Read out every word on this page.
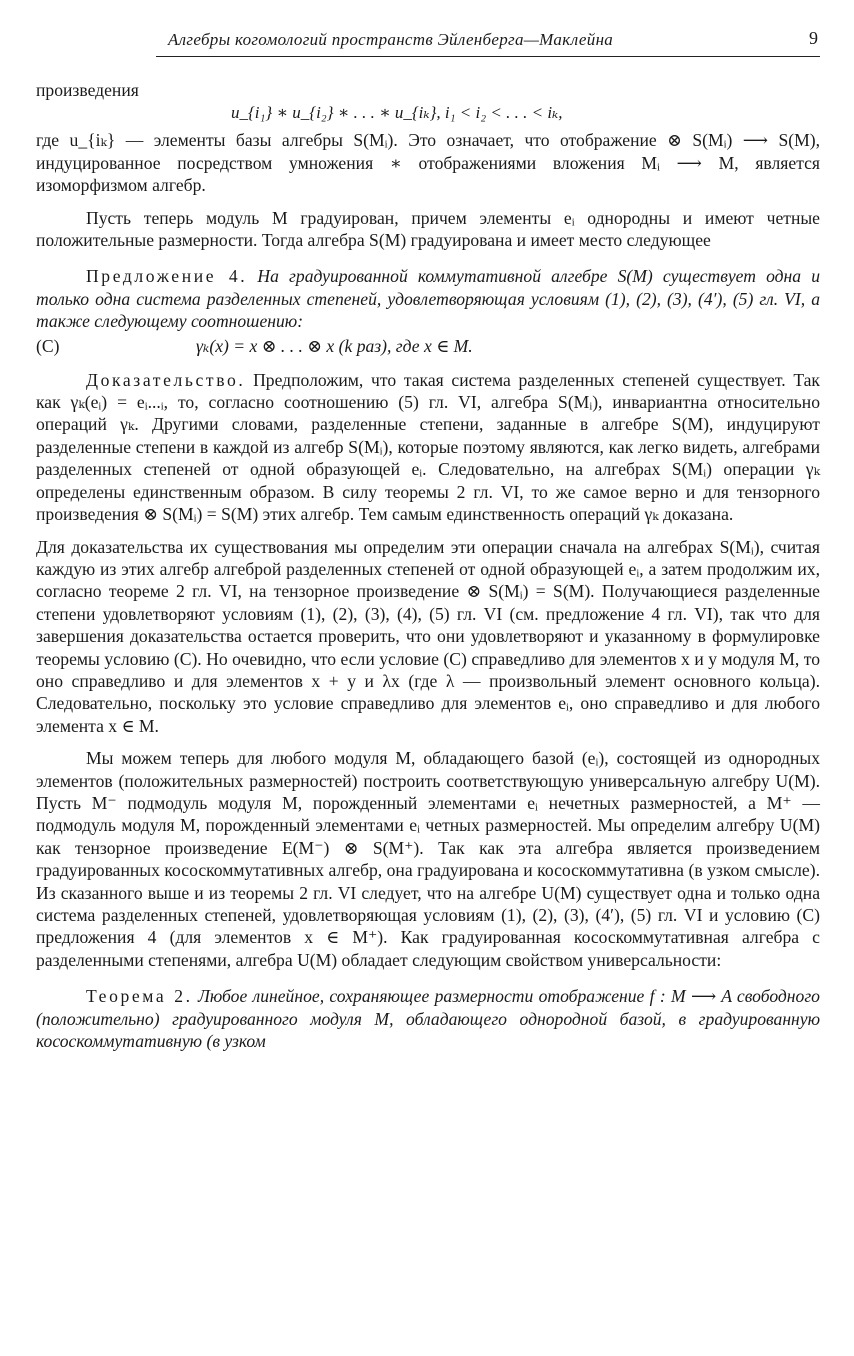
Алгебры когомологий пространств Эйленберга—Маклейна	9

произведения

u_{i₁} ∗ u_{i₂} ∗ . . . ∗ u_{iₖ}, i₁ < i₂ < . . . < iₖ,

где u_{iₖ} — элементы базы алгебры S(Mᵢ). Это означает, что отображение ⊗ S(Mᵢ) ⟶ S(M), индуцированное посредством умножения ∗ отображениями вложения Mᵢ ⟶ M, является изоморфизмом алгебр.

Пусть теперь модуль M градуирован, причем элементы eᵢ однородны и имеют четные положительные размерности. Тогда алгебра S(M) градуирована и имеет место следующее

Предложение 4. На градуированной коммутативной алгебре S(M) существует одна и только одна система разделенных степеней, удовлетворяющая условиям (1), (2), (3), (4′), (5) гл. VI, а также следующему соотношению:

(C)	γₖ(x) = x ⊗ . . . ⊗ x (k раз), где x ∈ M.

Доказательство. Предположим, что такая система разделенных степеней существует. Так как γₖ(eᵢ) = eᵢ...ᵢ, то, согласно соотношению (5) гл. VI, алгебра S(Mᵢ), инвариантна относительно операций γₖ. Другими словами, разделенные степени, заданные в алгебре S(M), индуцируют разделенные степени в каждой из алгебр S(Mᵢ), которые поэтому являются, как легко видеть, алгебрами разделенных степеней от одной образующей eᵢ. Следовательно, на алгебрах S(Mᵢ) операции γₖ определены единственным образом. В силу теоремы 2 гл. VI, то же самое верно и для тензорного произведения ⊗ S(Mᵢ) = S(M) этих алгебр. Тем самым единственность операций γₖ доказана.

Для доказательства их существования мы определим эти операции сначала на алгебрах S(Mᵢ), считая каждую из этих алгебр алгеброй разделенных степеней от одной образующей eᵢ, а затем продолжим их, согласно теореме 2 гл. VI, на тензорное произведение ⊗ S(Mᵢ) = S(M). Получающиеся разделенные степени удовлетворяют условиям (1), (2), (3), (4), (5) гл. VI (см. предложение 4 гл. VI), так что для завершения доказательства остается проверить, что они удовлетворяют и указанному в формулировке теоремы условию (C). Но очевидно, что если условие (C) справедливо для элементов x и y модуля M, то оно справедливо и для элементов x + y и λx (где λ — произвольный элемент основного кольца). Следовательно, поскольку это условие справедливо для элементов eᵢ, оно справедливо и для любого элемента x ∈ M.

Мы можем теперь для любого модуля M, обладающего базой (eᵢ), состоящей из однородных элементов (положительных размерностей) построить соответствующую универсальную алгебру U(M). Пусть M⁻ подмодуль модуля M, порожденный элементами eᵢ нечетных размерностей, а M⁺ — подмодуль модуля M, порожденный элементами eᵢ четных размерностей. Мы определим алгебру U(M) как тензорное произведение E(M⁻) ⊗ S(M⁺). Так как эта алгебра является произведением градуированных кососкоммутативных алгебр, она градуирована и кососкоммутативна (в узком смысле). Из сказанного выше и из теоремы 2 гл. VI следует, что на алгебре U(M) существует одна и только одна система разделенных степеней, удовлетворяющая условиям (1), (2), (3), (4′), (5) гл. VI и условию (C) предложения 4 (для элементов x ∈ M⁺). Как градуированная кососкоммутативная алгебра с разделенными степенями, алгебра U(M) обладает следующим свойством универсальности:

Теорема 2. Любое линейное, сохраняющее размерности отображение f : M ⟶ A свободного (положительно) градуированного модуля M, обладающего однородной базой, в градуированную кососкоммутативную (в узком
